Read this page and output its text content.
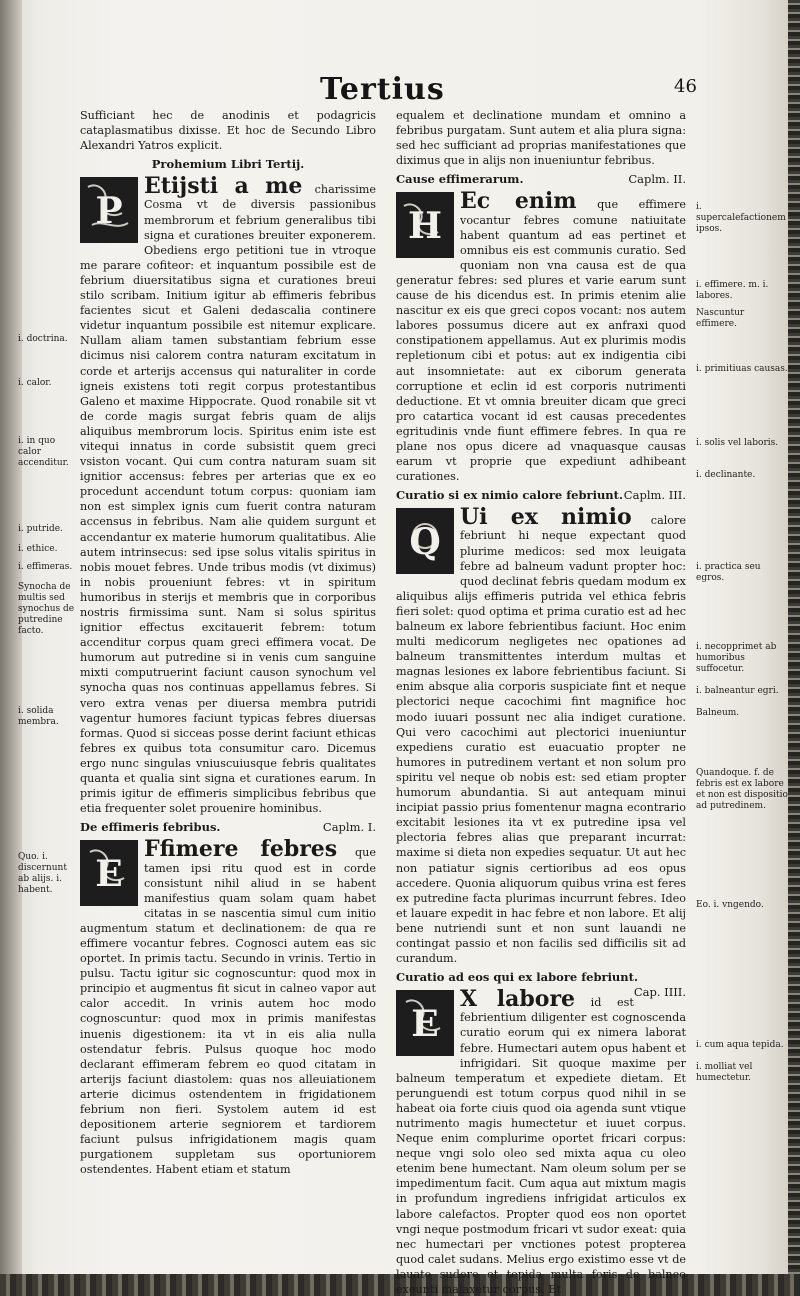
Tertius	46

Sufficiant hec de anodinis et podagricis cataplasmatibus dixisse. Et hoc de Secundo Libro Alexandri Yatros explicit.

Prohemium Libri Tertij.

P
Etijsti a me charissime Cosma vt de diversis passionibus membrorum et febrium generalibus tibi signa et curationes breuiter exponerem. Obediens ergo petitioni tue in vtroque me parare cofiteor: et inquantum possibile est de febrium diuersitatibus signa et curationes breui stilo scribam. Initium igitur ab effimeris febribus facientes sicut et Galeni dedascalia continere videtur inquantum possibile est nitemur explicare. Nullam aliam tamen substantiam febrium esse dicimus nisi calorem contra naturam excitatum in corde et arterijs accensus qui naturaliter in corde igneis existens toti regit corpus protestantibus Galeno et maxime Hippocrate. Quod ronabile sit vt de corde magis surgat febris quam de alijs aliquibus membrorum locis. Spiritus enim iste est vitequi innatus in corde subsistit quem greci vsiston vocant. Qui cum contra naturam suam sit ignitior accensus: febres per arterias que ex eo procedunt accendunt totum corpus: quoniam iam non est simplex ignis cum fuerit contra naturam accensus in febribus. Nam alie quidem surgunt et accendantur ex materie humorum qualitatibus. Alie autem intrinsecus: sed ipse solus vitalis spiritus in nobis mouet febres. Unde tribus modis (vt diximus) in nobis proueniunt febres: vt in spiritum humoribus in sterijs et membris que in corporibus nostris firmissima sunt. Nam si solus spiritus ignitior effectus excitauerit febrem: totum accenditur corpus quam greci effimera vocat. De humorum aut putredine si in venis cum sanguine mixti computruerint faciunt causon synochum vel synocha quas nos continuas appellamus febres. Si vero extra venas per diuersa membra putridi vagentur humores faciunt typicas febres diuersas formas. Quod si sicceas posse derint faciunt ethicas febres ex quibus tota consumitur caro. Dicemus ergo nunc singulas vniuscuiusque febris qualitates quanta et qualia sint signa et curationes earum. In primis igitur de effimeris simplicibus febribus que etia frequenter solet prouenire hominibus.

De effimeris febribus.	Caplm. I.

E
Ffimere febres que tamen ipsi ritu quod est in corde consistunt nihil aliud in se habent manifestius quam solam quam habet citatas in se nascentia simul cum initio augmentum statum et declinationem: de qua re effimere vocantur febres. Cognosci autem eas sic oportet. In primis tactu. Secundo in vrinis. Tertio in pulsu. Tactu igitur sic cognoscuntur: quod mox in principio et augmentus fit sicut in calneo vapor aut calor accedit. In vrinis autem hoc modo cognoscuntur: quod mox in primis manifestas inuenis digestionem: ita vt in eis alia nulla ostendatur febris. Pulsus quoque hoc modo declarant effimeram febrem eo quod citatam in arterijs faciunt diastolem: quas nos alleuiationem arterie dicimus ostendentem in frigidationem febrium non fieri. Systolem autem id est depositionem arterie segniorem et tardiorem faciunt pulsus infrigidationem magis quam purgationem suppletam sus oportuniorem ostendentes. Habent etiam et statum

equalem et declinatione mundam et omnino a febribus purgatam. Sunt autem et alia plura signa: sed hec sufficiant ad proprias manifestationes que diximus que in alijs non inueniuntur febribus.

Cause effimerarum.	Caplm. II.

H
Ec enim que effimere vocantur febres comune natiuitate habent quantum ad eas pertinet et omnibus eis est communis curatio. Sed quoniam non vna causa est de qua generatur febres: sed plures et varie earum sunt cause de his dicendus est. In primis etenim alie nascitur ex eis que greci copos vocant: nos autem labores possumus dicere aut ex anfraxi quod constipationem appellamus. Aut ex plurimis modis repletionum cibi et potus: aut ex indigentia cibi aut insomnietate: aut ex ciborum generata corruptione et eclin id est corporis nutrimenti deductione. Et vt omnia breuiter dicam que greci pro catartica vocant id est causas precedentes egritudinis vnde fiunt effimere febres. In qua re plane nos opus dicere ad vnaquasque causas earum vt proprie que expediunt adhibeant curationes.

Curatio si ex nimio calore febriunt. Caplm. III.

Q
Ui ex nimio calore febriunt hi neque expectant quod plurime medicos: sed mox leuigata febre ad balneum vadunt propter hoc: quod declinat febris quedam modum ex aliquibus alijs effimeris putrida vel ethica febris fieri solet: quod optima et prima curatio est ad hec balneum ex labore febrientibus faciunt. Hoc enim multi medicorum negligetes nec opationes ad balneum transmittentes interdum multas et magnas lesiones ex labore febrientibus faciunt. Si enim absque alia corporis suspiciate fint et neque plectorici neque cacochimi fint magnifice hoc modo iuuari possunt nec alia indiget curatione. Qui vero cacochimi aut plectorici inueniuntur expediens curatio est euacuatio propter ne humores in putredinem vertant et non solum pro spiritu vel neque ob nobis est: sed etiam propter humorum abundantia. Si aut antequam minui incipiat passio prius fomentenur magna econtrario excitabit lesiones ita vt ex putredine ipsa vel plectoria febres alias que preparant incurrat: maxime si dieta non expedies sequatur. Ut aut hec non patiatur signis certioribus ad eos opus accedere. Quonia aliquorum quibus vrina est feres ex putredine facta plurimas incurrunt febres. Ideo et lauare expedit in hac febre et non labore. Et alij bene nutriendi sunt et non sunt lauandi ne contingat passio et non facilis sed difficilis sit ad curandum.

Curatio ad eos qui ex labore febriunt.
Cap. IIII.

E
X labore id est febrientium diligenter est cognoscenda curatio eorum qui ex nimera laborat febre. Humectari autem opus habent et infrigidari. Sit quoque maxime per balneum temperatum et expediete dietam. Et perunguendi est totum corpus quod nihil in se habeat oia forte ciuis quod oia agenda sunt vtique nutrimento magis humectetur et iuuet corpus. Neque enim complurime oportet fricari corpus: neque vngi solo oleo sed mixta aqua cu oleo etenim bene humectant. Nam oleum solum per se impedimentum facit. Cum aqua aut mixtum magis in profundum ingrediens infrigidat articulos ex labore calefactos. Propter quod eos non oportet vngi neque postmodum fricari vt sudor exeat: quia nec humectari per vnctiones potest propterea quod calet sudans. Melius ergo existimo esse vt de lauato sudore et tepida multa foris de balneo exeunti malaxetur corpus. Et

i. doctrina.
i. calor.
i. in quo calor accenditur.
i. putride.
i. ethice.
i. effimeras.
Synocha de multis sed synochus de putredine facto.
i. solida membra.
Quo. i. discernunt ab alijs. i. habent.
i. supercalefactionem ipsos.
i. effimere. m. i. labores.
Nascuntur effimere.
i. primitiuas causas.
i. solis vel laboris.
i. declinante.
i. practica seu egros.
i. necopprimet ab humoribus suffocetur.
i. balneantur egri.
Balneum.
Quandoque. f. de febris est ex labore et non est dispositio ad putredinem.
Eo. i. vngendo.
i. cum aqua tepida.
i. molliat vel humectetur.
